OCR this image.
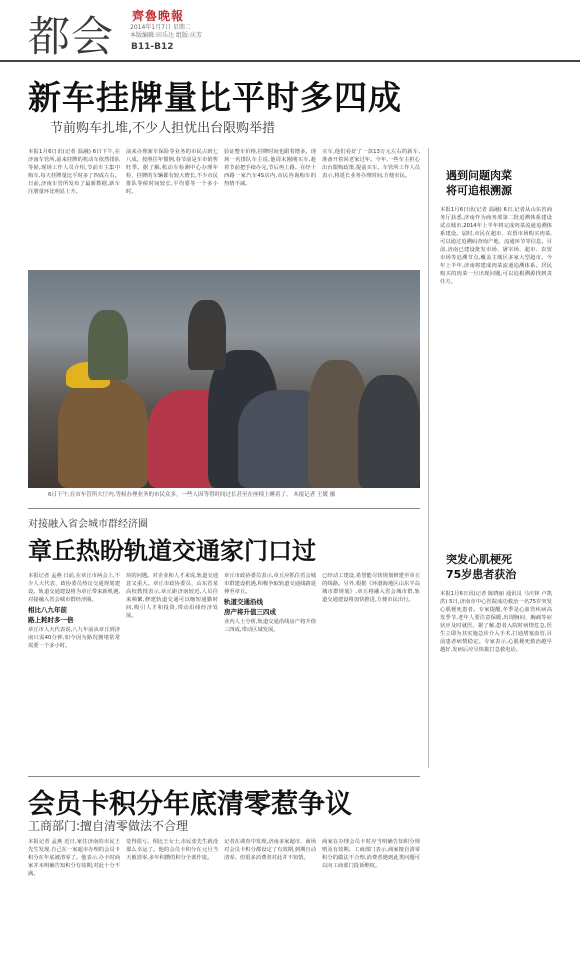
都会 齊魯晚報
2014年1月7日 星期二
本版编辑:田乐达 组版:庆芳
B11-B12
新车挂牌量比平时多四成
节前购车扎堆,不少人担忧出台限购举措
本报1月6日讯(记者 温融) 6日下午,在济南车管所,前来挂牌的机动车依然排队等候,现场工作人员介绍,节前车主集中购车,每天挂牌量比平时多了四成左右。日前,济南车管所发布了最新数据,新车注册量环比明显上升。
前来办理新车保险等业务的市民占到七八成。按照往年惯例,春节前是车市销售旺季。据了解,机动车检测中心办理年检、挂牌的车辆都有较大增长,不少市民排队等候时间较长,平均要等一个多小时。
验证整车价格,挂牌时间也跟着增多。现场一名排队车主说,他周末刚刚买车,趁着节前把手续办完,节后再上路。在经十西路一家汽车4S店内,市民咨询购车的热情不减。
买车,他们看好了一款13万元左右的新车,准备开着回老家过年。今年,一些车主担心出台限购政策,提前买车。车管所工作人员表示,将延长业务办理时间,方便市民。
6日下午,在市车管所大厅内,等候办理业务的市民众多。一些人因等得时间过长甚至在座椅上睡着了。 本报记者 王媛 摄
遇到问题肉菜
将可追根溯源
本报1月6日讯(记者 温融) 6日,记者从山东省商务厅获悉,济南作为商务部第二批追溯体系建设试点城市,2014年上半年将完成肉菜流通追溯体系建设。届时,市民在超市、农贸市场购买肉菜,可以通过追溯码查询产地、流通环节等信息。目前,济南已建设批发市场、屠宰场、超市、农贸市场等追溯节点,覆盖主城区多家大型超市。今年上半年,济南将建成肉菜流通追溯体系。居民购买的肉菜一旦出现问题,可以追根溯源找到责任方。
突发心肌梗死
75岁患者获治
本报1月6日讯(记者 陈晓丽 通讯员 马庆林 卢凯洪) 5日,济南市中心医院成功救治一名75岁突发心肌梗死患者。专家提醒,冬季是心血管疾病高发季节,老年人要注意保暖,出现胸闷、胸痛等症状应及时就医。据了解,患者入院时病情危急,医生立即为其实施急诊介入手术,打通堵塞血管,目前患者病情稳定。专家表示,心肌梗死救治越早越好,发病后应尽快拨打急救电话。
对接融入省会城市群经济圈
章丘热盼轨道交通家门口过

本报记者 孟燕 日前,在章丘市两会上,不少人大代表、政协委员热议交通规划建设。轨道交通建设将为章丘带来新机遇,对接融入省会城市群经济圈。

相比八九年前
路上耗时多一倍

章丘市人大代表说,八九年前从章丘到济南只需40分钟,如今因为路况拥堵常常需要一个多小时。

块的问题。对企业和人才来说,轨道交通意义重大。章丘市政协委员、山东省某高校教授表示,章丘距济南较近,人员往来频繁,修建轨道交通可以缩短通勤时间,吸引人才和投资,带动沿线经济发展。

章丘市政协委员表示,章丘应抓住省会城市群建设机遇,积极争取轨道交通线路延伸至章丘。

轨道交通沿线
房产将升值三四成

业内人士分析,轨道交通沿线房产将升值三四成,带动区域发展。

已经动工建设,希望能尽快规划修建至章丘的线路。另外,根据《环渤海地区山东半岛城市群规划》,章丘将融入省会城市群,轨道交通建设将加快推进,方便市民出行。
会员卡积分年底清零惹争议
工商部门:擅自清零做法不合理
本报记者 孟燕 近日,家住济南的市民王先生发现,自己在一家超市办理的会员卡积分在年底被清零了。他表示,办卡时商家并未明确告知积分有效期,对此十分不满。
觉得很亏。相比王女士,市民张先生就没那么幸运了。他的会员卡积分在元旦当天被清零,多年积攒的积分全部作废。
记者在调查中发现,济南多家超市、商场对会员卡积分都设定了有效期,到期自动清零。但很多消费者对此并不知情。
商家在办理会员卡时应当明确告知积分规则及有效期。工商部门表示,商家擅自清零积分的做法不合理,消费者遇到此类问题可以向工商部门投诉维权。
